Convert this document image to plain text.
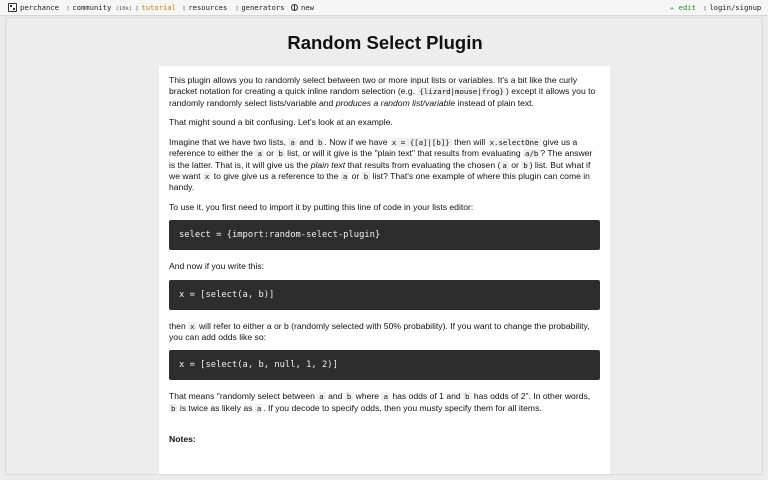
perchance ▯ community (10k) ▯ tutorial ▯ resources ▯ generators	new	✏ edit ▯ login/signup
Random Select Plugin

This plugin allows you to randomly select between two or more input lists or variables. It's a bit like the curly bracket notation for creating a quick inline random selection (e.g. {lizard|mouse|frog} ) except it allows you to randomly randomly select lists/variable and produces a random list/variable instead of plain text.

That might sound a bit confusing. Let's look at an example.

Imagine that we have two lists, a and b . Now if we have x = {[a]|[b]} then will x.selectOne give us a reference to either the a or b list, or will it give is the "plain text" that results from evaluating a/b ? The answer is the latter. That is, it will give us the plain text that results from evaluating the chosen ( a or b ) list. But what if we want x to give give us a reference to the a or b list? That's one example of where this plugin can come in handy.

To use it, you first need to import it by putting this line of code in your lists editor:

select = {import:random-select-plugin}

And now if you write this:

x = [select(a, b)]

then x will refer to either a or b (randomly selected with 50% probability). If you want to change the probability, you can add odds like so:

x = [select(a, b, null, 1, 2)]

That means "randomly select between a and b where a has odds of 1 and b has odds of 2". In other words, b is twice as likely as a . If you decode to specify odds, then you musty specify them for all items.

Notes:
